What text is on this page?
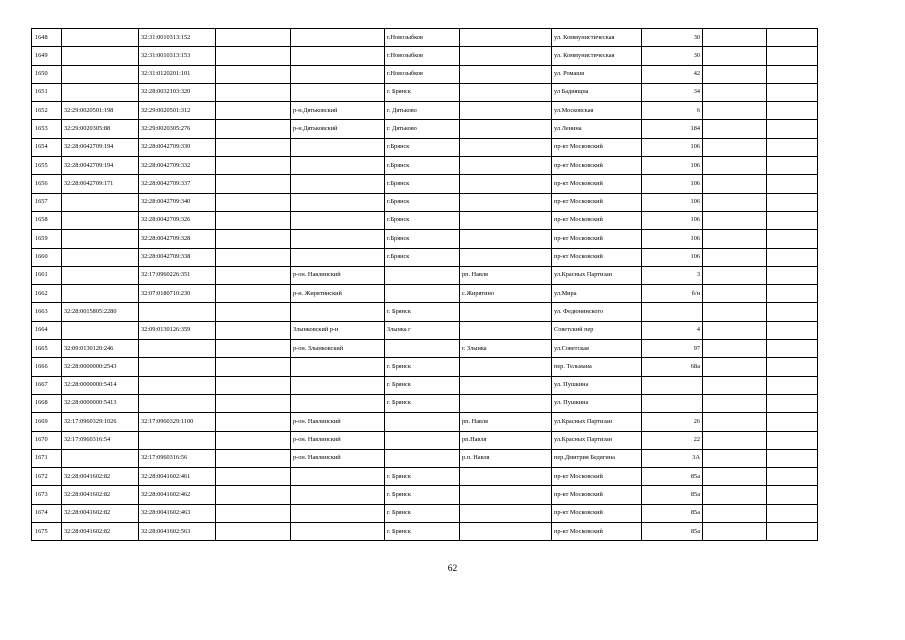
1648		32:31:0010313:152			г.Новозыбков		ул. Коммунистическая	30		
1649		32:31:0010313:153			г.Новозыбков		ул. Коммунистическая	30		
1650		32:31:0120201:101			г.Новозыбков		ул. Ромашя	42		
1651		32:28:0032103:320			г. Брянск		ул Бадиящна	34		
1652	32:29:0020501:198	32:29:0020501:312		р-н.Дятьковский	г. Дятьково		ул.Московская	6		
1653	32:29:0020305:88	32:29:0020305:276		р-н.Дятьковский	г. Дятьково		ул Ленина	184		
1654	32:28:0042709:194	32:28:0042709:330			г.Брянск		пр-кт Московский	106		
1655	32:28:0042709:194	32:28:0042709:332			г.Брянск		пр-кт Московский	106		
1656	32:28:0042709:171	32:28:0042709:337			г.Брянск		пр-кт Московский	106		
1657		32:28:0042709:340			г.Брянск		пр-кт Московский	106		
1658		32:28:0042709:326			г.Брянск		пр-кт Московский	106		
1659		32:28:0042709:328			г.Брянск		пр-кт Московский	106		
1660		32:28:0042709:338			г.Брянск		пр-кт Московский	106		
1661		32:17:0960226:351		р-он. Навлинский		рп. Навля	ул.Красных Партизан	3		
1662		32:07:0180710:230		р-н. Жирятинский		с.Жирятино	ул.Мира	б/н		
1663	32:28:0015805:2280				г. Брянск		ул. Федюнинского			
1664		32:09:0130126:359		Злынковский р-н	Злынка г		Советский пер	4		
1665	32:09:0130120:246			р-он. Злынковский		г. Злынка	ул.Советская	97		
1666	32:28:0000000:2543				г. Брянск		пер. Тельмана	68а		
1667	32:28:0000000:5414				г. Брянск		ул. Пушкина			
1668	32:28:0000000:5413				г. Брянск		ул. Пушкина			
1669	32:17:0960329:1026	32:17:0960329:1100		р-он. Навлинский		рп. Навля	ул.Красных Партизан	26		
1670	32:17:0960316:54			р-он. Навлинский		рп.Навля	ул.Красных Партизан	22		
1671		32:17:0960316:56		р-он. Навлинский		р.п. Навля	пер.Дмитрия Бедягина	3А		
1672	32:28:0041602:82	32:28:0041602:461			г. Брянск		пр-кт Московский	85а		
1673	32:28:0041602:82	32:28:0041602:462			г. Брянск		пр-кт Московский	85а		
1674	32:28:0041602:82	32:28:0041602:463			г. Брянск		пр-кт Московский	85а		
1675	32:28:0041602:82	32:28:0041602:563			г. Брянск		пр-кт Московский	85а		
62
